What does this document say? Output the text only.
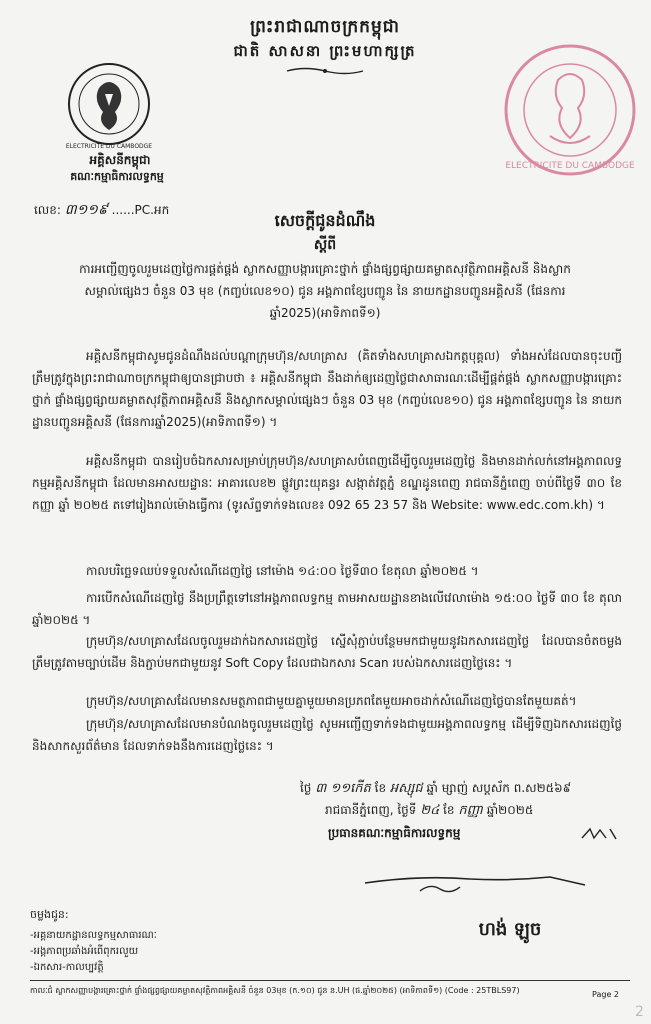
ព្រះរាជាណាចក្រកម្ពុជា
ជាតិ សាសនា ព្រះមហាក្សត្រ
ELECTRICITE DU CAMBODGE
ELECTRICITE DU CAMBODGE
អគ្គិសនីកម្ពុជា
គណៈកម្មាធិការលទ្ធកម្ម
លេខ: ៣១១៩ ......PC.អក
សេចក្តីជូនដំណឹង
ស្តីពី
ការអញ្ជើញចូលរួមដេញថ្លៃការផ្គត់ផ្គង់ ស្លាកសញ្ញាបង្ការគ្រោះថ្នាក់ ផ្ទាំងផ្សព្វផ្សាយគម្លាតសុវត្ថិភាពអគ្គិសនី និងស្លាកសម្គាល់ផ្សេងៗ ចំនួន 03 មុខ (កញ្ចប់លេខ១០) ជូន អង្គភាពខ្សែបញ្ជូន នៃ នាយកដ្ឋានបញ្ជូនអគ្គិសនី (ផែនការឆ្នាំ2025)(អាទិភាពទី១)
អគ្គិសនីកម្ពុជាសូមជូនដំណឹងដល់បណ្តាក្រុមហ៊ុន/សហគ្រាស (គិតទាំងសហគ្រាសឯកត្តបុគ្គល) ទាំងអស់ដែលបានចុះបញ្ជីត្រឹមត្រូវក្នុងព្រះរាជាណាចក្រកម្ពុជាឲ្យបានជ្រាបថា ៖ អគ្គិសនីកម្ពុជា នឹងដាក់ឲ្យដេញថ្លៃជាសាធារណៈដើម្បីផ្គត់ផ្គង់ ស្លាកសញ្ញាបង្ការគ្រោះថ្នាក់ ផ្ទាំងផ្សព្វផ្សាយគម្លាតសុវត្ថិភាពអគ្គិសនី និងស្លាកសម្គាល់ផ្សេងៗ ចំនួន 03 មុខ (កញ្ចប់លេខ១០) ជូន អង្គភាពខ្សែបញ្ជូន នៃ នាយកដ្ឋានបញ្ជូនអគ្គិសនី (ផែនការឆ្នាំ2025)(អាទិភាពទី១) ។
អគ្គិសនីកម្ពុជា បានរៀបចំឯកសារសម្រាប់ក្រុមហ៊ុន/សហគ្រាសបំពេញដើម្បីចូលរួមដេញថ្លៃ និងមានដាក់លក់នៅអង្គភាពលទ្ធកម្មអគ្គិសនីកម្ពុជា ដែលមានអាសយដ្ឋានៈ អាគារលេខ២ ផ្លូវព្រះយុគន្ធរ សង្កាត់វត្តភ្នំ ខណ្ឌដូនពេញ រាជធានីភ្នំពេញ ចាប់ពីថ្ងៃទី ៣០ ខែ កញ្ញា ឆ្នាំ ២០២៥ តទៅរៀងរាល់ម៉ោងធ្វើការ (ទូរស័ព្ទទាក់ទងលេខ៖ 092 65 23 57 និង Website: www.edc.com.kh) ។
កាលបរិច្ឆេទឈប់ទទួលសំណើដេញថ្លៃ នៅម៉ោង ១៤:០០ ថ្ងៃទី៣០ ខែតុលា ឆ្នាំ២០២៥ ។
ការបើកសំណើដេញថ្លៃ នឹងប្រព្រឹត្តទៅនៅអង្គភាពលទ្ធកម្ម តាមអាសយដ្ឋានខាងលើវេលាម៉ោង ១៥:០០ ថ្ងៃទី ៣០ ខែ តុលា ឆ្នាំ២០២៥ ។
ក្រុមហ៊ុន/សហគ្រាសដែលចូលរួមដាក់ឯកសារដេញថ្លៃ ស្នើសុំភ្ជាប់បន្ថែមមកជាមួយនូវឯកសារដេញថ្លៃ ដែលបានចំតចម្លងត្រឹមត្រូវតាមច្បាប់ដើម និងភ្ជាប់មកជាមួយនូវ Soft Copy ដែលជាឯកសារ Scan របស់ឯកសារដេញថ្លៃនេះ ។
ក្រុមហ៊ុន/សហគ្រាសដែលមានសមត្ថភាពជាមួយគ្នាមួយមានប្រភពតែមួយអាចដាក់សំណើដេញថ្លៃបានតែមួយគត់។
ក្រុមហ៊ុន/សហគ្រាសដែលមានបំណងចូលរួមដេញថ្លៃ សូមអញ្ជើញទាក់ទងជាមួយអង្គភាពលទ្ធកម្ម ដើម្បីទិញឯកសារដេញថ្លៃ និងសាកសួរព័ត៌មាន ដែលទាក់ទងនឹងការដេញថ្លៃនេះ ។
ថ្ងៃ ៣ ១១កើត ខែ អស្សុជ ឆ្នាំ ម្សាញ់ សប្តស័ក ព.ស២៥៦៩
រាជធានីភ្នំពេញ, ថ្ងៃទី ២៤ ខែ កញ្ញា ឆ្នាំ២០២៥
ប្រធានគណៈកម្មាធិការលទ្ធកម្ម
ហង់ ឡូច
ចម្លងជូន:
-អគ្គនាយកដ្ឋានលទ្ធកម្មសាធារណៈ
-អង្គភាពប្រឆាំងអំពើពុករលួយ
-ឯកសារ-កាលប្បវត្តិ
កាលៈជំ ស្លាកសញ្ញាបង្ការគ្រោះថ្នាក់ ផ្ទាំងផ្សព្វផ្សាយគម្លាតសុវត្ថិភាពអគ្គិសនី ចំនួន 03មុខ (ក.១០) ជូន ន.UH (ផ.ឆ្នាំ២០២៥) (អាទិភាពទី១) (Code : 25TBLS97)	Page 2
2
